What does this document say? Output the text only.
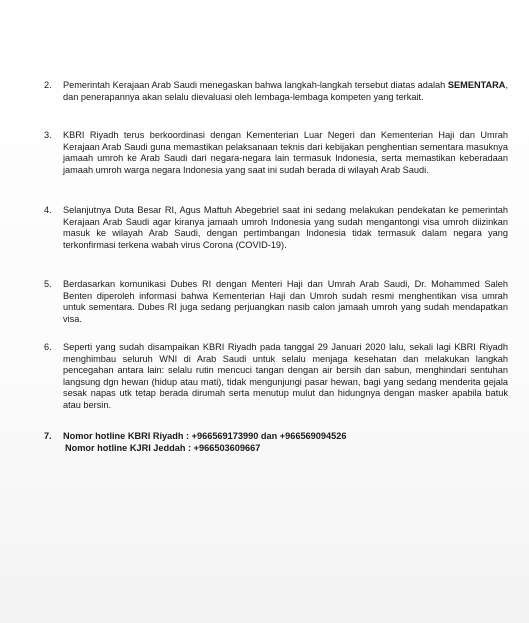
2.	Pemerintah Kerajaan Arab Saudi menegaskan bahwa langkah-langkah tersebut diatas adalah SEMENTARA, dan penerapannya akan selalu dievaluasi oleh lembaga-lembaga kompeten yang terkait.
3.	KBRI Riyadh terus berkoordinasi dengan Kementerian Luar Negeri dan Kementerian Haji dan Umrah Kerajaan Arab Saudi guna memastikan pelaksanaan teknis dari kebijakan penghentian sementara masuknya jamaah umroh ke Arab Saudi dari negara-negara lain termasuk Indonesia, serta memastikan keberadaan jamaah umroh warga negara Indonesia yang saat ini sudah berada di wilayah Arab Saudi.
4.	Selanjutnya Duta Besar RI, Agus Maftuh Abegebriel saat ini sedang melakukan pendekatan ke pemerintah Kerajaan Arab Saudi agar kiranya jamaah umroh Indonesia yang sudah mengantongi visa umroh diizinkan masuk ke wilayah Arab Saudi, dengan pertimbangan Indonesia tidak termasuk dalam negara yang terkonfirmasi terkena wabah virus Corona (COVID-19).
5.	Berdasarkan komunikasi Dubes RI dengan Menteri Haji dan Umrah Arab Saudi, Dr. Mohammed Saleh Benten diperoleh informasi bahwa Kementerian Haji dan Umroh sudah resmi menghentikan visa umrah untuk sementara. Dubes RI juga sedang perjuangkan nasib calon jamaah umroh yang sudah mendapatkan visa.
6.	Seperti yang sudah disampaikan KBRI Riyadh pada tanggal 29 Januari 2020 lalu, sekali lagi KBRI Riyadh menghimbau seluruh WNI di Arab Saudi untuk selalu menjaga kesehatan dan melakukan langkah pencegahan antara lain: selalu rutin mencuci tangan dengan air bersih dan sabun, menghindari sentuhan langsung dgn hewan (hidup atau mati), tidak mengunjungi pasar hewan, bagi yang sedang menderita gejala sesak napas utk tetap berada dirumah serta menutup mulut dan hidungnya dengan masker apabila batuk atau bersin.
7.	Nomor hotline KBRI Riyadh : +966569173990 dan +966569094526
Nomor hotline KJRI Jeddah : +966503609667
